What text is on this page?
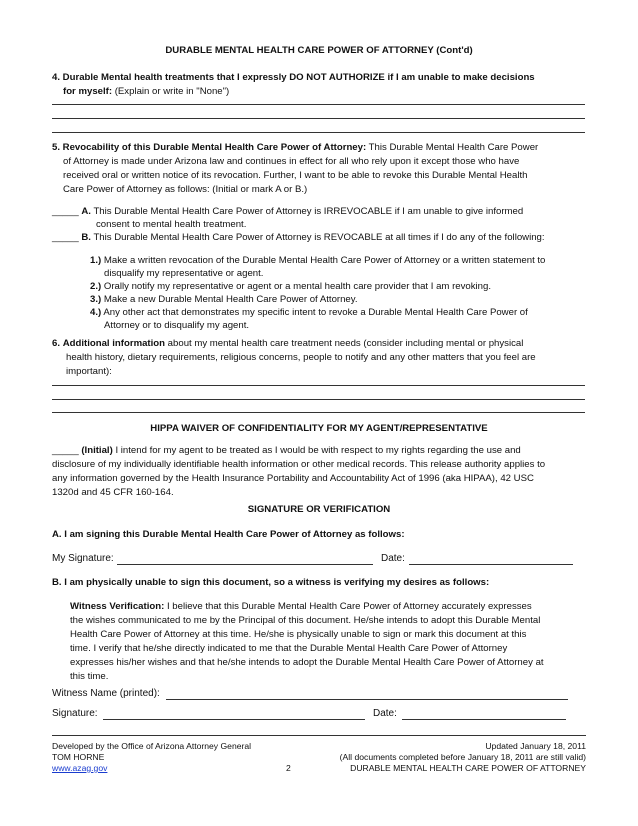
DURABLE MENTAL HEALTH CARE POWER OF ATTORNEY (Cont'd)
4. Durable Mental health treatments that I expressly DO NOT AUTHORIZE if I am unable to make decisions
for myself: (Explain or write in "None")
5. Revocability of this Durable Mental Health Care Power of Attorney: This Durable Mental Health Care Power
of Attorney is made under Arizona law and continues in effect for all who rely upon it except those who have
received oral or written notice of its revocation. Further, I want to be able to revoke this Durable Mental Health
Care Power of Attorney as follows: (Initial or mark A or B.)
_____ A. This Durable Mental Health Care Power of Attorney is IRREVOCABLE if I am unable to give informed
consent to mental health treatment.
_____ B. This Durable Mental Health Care Power of Attorney is REVOCABLE at all times if I do any of the following:
1.) Make a written revocation of the Durable Mental Health Care Power of Attorney or a written statement to
disqualify my representative or agent.
2.) Orally notify my representative or agent or a mental health care provider that I am revoking.
3.) Make a new Durable Mental Health Care Power of Attorney.
4.) Any other act that demonstrates my specific intent to revoke a Durable Mental Health Care Power of
Attorney or to disqualify my agent.
6. Additional information about my mental health care treatment needs (consider including mental or physical
health history, dietary requirements, religious concerns, people to notify and any other matters that you feel are
important):
HIPPA WAIVER OF CONFIDENTIALITY FOR MY AGENT/REPRESENTATIVE
_____ (Initial) I intend for my agent to be treated as I would be with respect to my rights regarding the use and
disclosure of my individually identifiable health information or other medical records. This release authority applies to
any information governed by the Health Insurance Portability and Accountability Act of 1996 (aka HIPAA), 42 USC
1320d and 45 CFR 160-164.
SIGNATURE OR VERIFICATION
A. I am signing this Durable Mental Health Care Power of Attorney as follows:
My Signature:	Date:
B. I am physically unable to sign this document, so a witness is verifying my desires as follows:
Witness Verification: I believe that this Durable Mental Health Care Power of Attorney accurately expresses
the wishes communicated to me by the Principal of this document. He/she intends to adopt this Durable Mental
Health Care Power of Attorney at this time. He/she is physically unable to sign or mark this document at this
time. I verify that he/she directly indicated to me that the Durable Mental Health Care Power of Attorney
expresses his/her wishes and that he/she intends to adopt the Durable Mental Health Care Power of Attorney at
this time.
Witness Name (printed):
Signature:	Date:
Developed by the Office of Arizona Attorney General
TOM HORNE
www.azag.gov	2
Updated January 18, 2011
(All documents completed before January 18, 2011 are still valid)
DURABLE MENTAL HEALTH CARE POWER OF ATTORNEY
